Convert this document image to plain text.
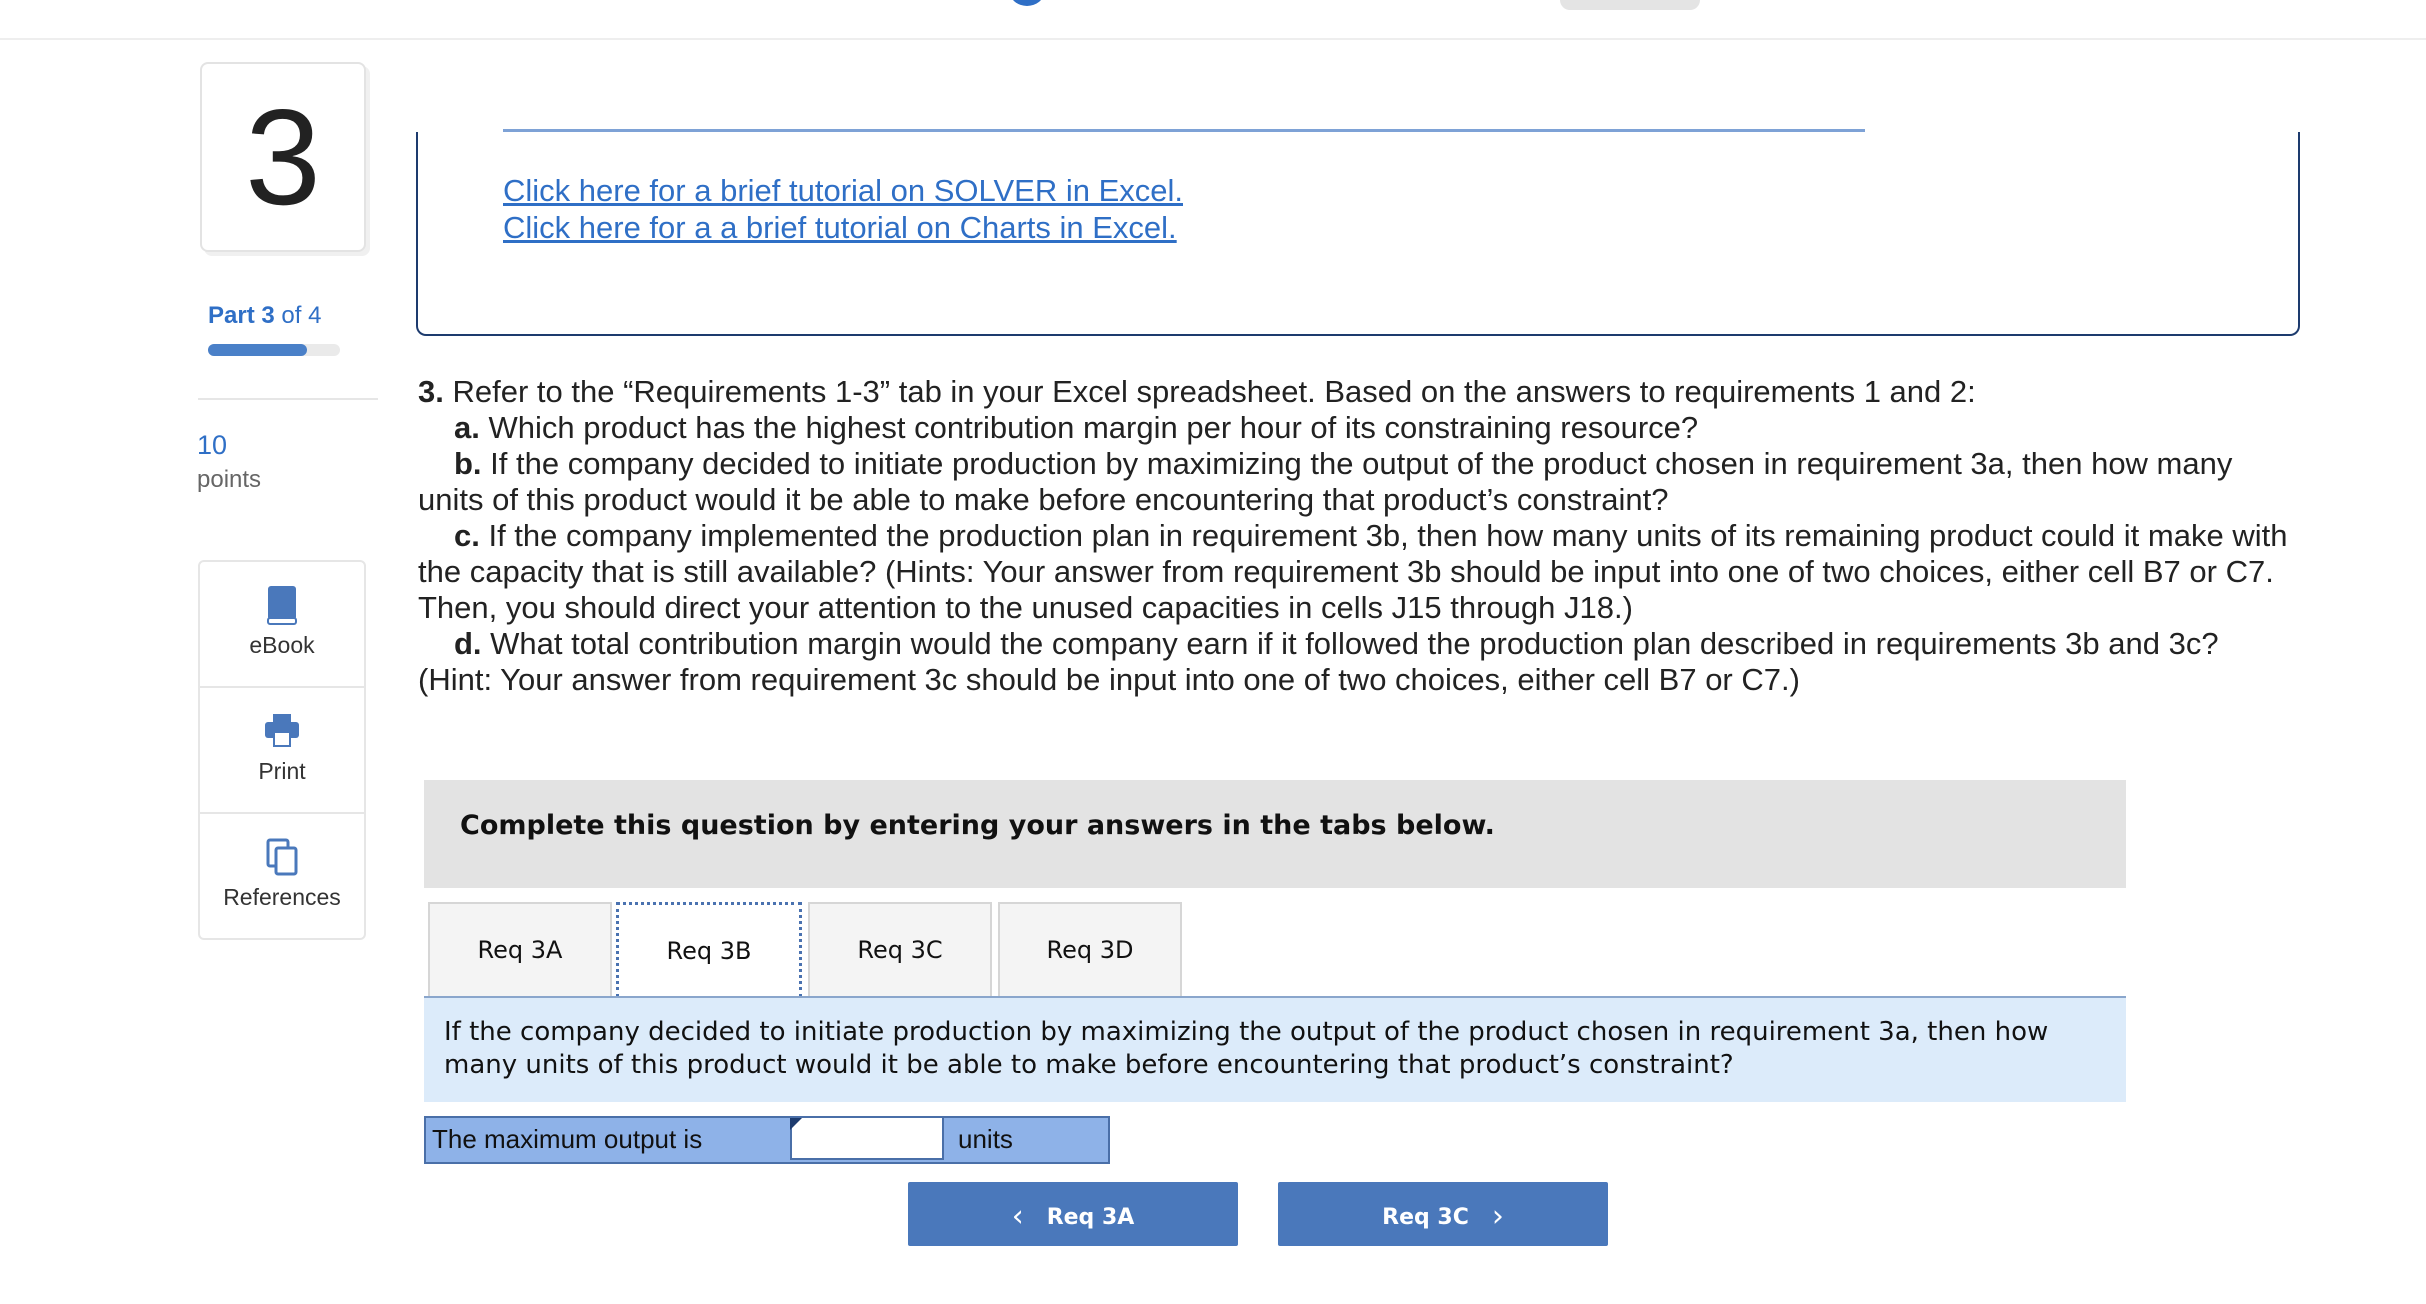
3
Part 3 of 4
10
points
eBook
Print
References
Click here for a brief tutorial on SOLVER in Excel.
Click here for a a brief tutorial on Charts in Excel.

3. Refer to the “Requirements 1-3” tab in your Excel spreadsheet. Based on the answers to requirements 1 and 2:

a. Which product has the highest contribution margin per hour of its constraining resource?

b. If the company decided to initiate production by maximizing the output of the product chosen in requirement 3a, then how many units of this product would it be able to make before encountering that product’s constraint?

c. If the company implemented the production plan in requirement 3b, then how many units of its remaining product could it make with the capacity that is still available? (Hints: Your answer from requirement 3b should be input into one of two choices, either cell B7 or C7. Then, you should direct your attention to the unused capacities in cells J15 through J18.)

d. What total contribution margin would the company earn if it followed the production plan described in requirements 3b and 3c? (Hint: Your answer from requirement 3c should be input into one of two choices, either cell B7 or C7.)

Complete this question by entering your answers in the tabs below.
Req 3A	Req 3B	Req 3C	Req 3D
If the company decided to initiate production by maximizing the output of the product chosen in requirement 3a, then how many units of this product would it be able to make before encountering that product’s constraint?
The maximum output is	units
‹ Req 3A	Req 3C ›
